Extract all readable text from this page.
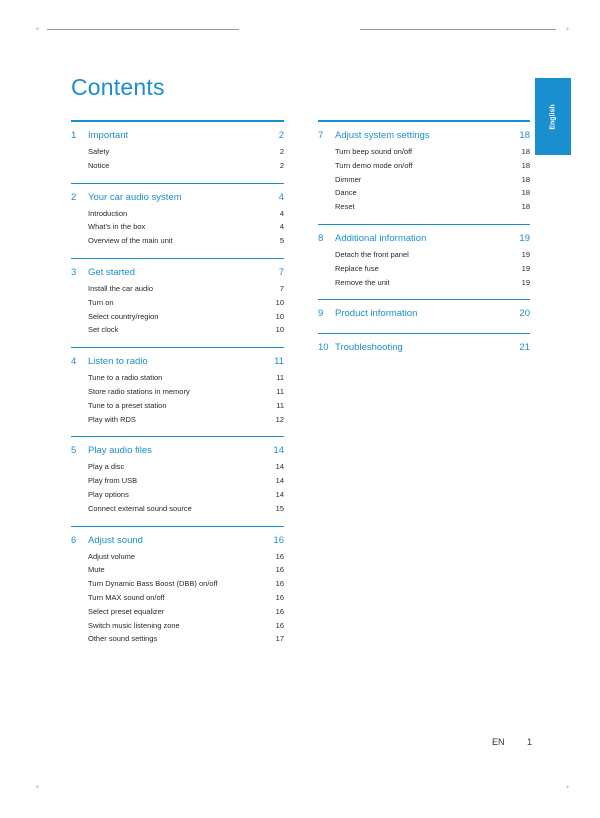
✦	✦
✦	✦
Contents
English
1	Important	2
Safety	2
Notice	2
2	Your car audio system	4
Introduction	4
What's in the box	4
Overview of the main unit	5
3	Get started	7
Install the car audio	7
Turn on	10
Select country/region	10
Set clock	10
4	Listen to radio	11
Tune to a radio station	11
Store radio stations in memory	11
Tune to a preset station	11
Play with RDS	12
5	Play audio files	14
Play a disc	14
Play from USB	14
Play options	14
Connect external sound source	15
6	Adjust sound	16
Adjust volume	16
Mute	16
Turn Dynamic Bass Boost (DBB) on/off	16
Turn MAX sound on/off	16
Select preset equalizer	16
Switch music listening zone	16
Other sound settings	17
7	Adjust system settings	18
Turn beep sound on/off	18
Turn demo mode on/off	18
Dimmer	18
Dance	18
Reset	18
8	Additional information	19
Detach the front panel	19
Replace fuse	19
Remove the unit	19
9	Product information	20
10 Troubleshooting	21
EN	1
